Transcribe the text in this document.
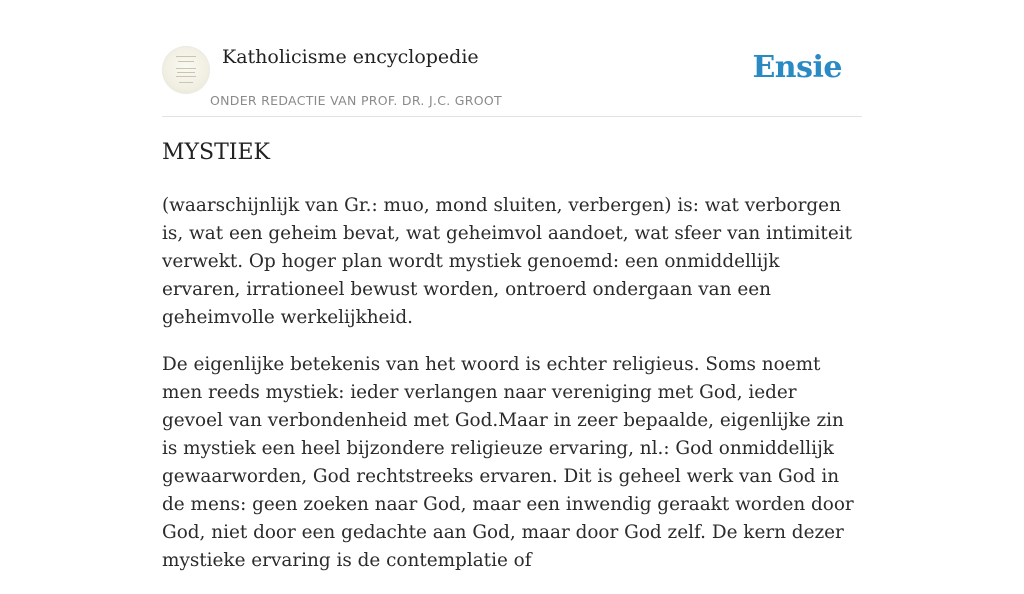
Katholicisme encyclopedie
ONDER REDACTIE VAN PROF. DR. J.C. GROOT
Ensie
MYSTIEK

(waarschijnlijk van Gr.: muo, mond sluiten, verbergen) is: wat verborgen is, wat een geheim bevat, wat geheimvol aandoet, wat sfeer van intimiteit verwekt. Op hoger plan wordt mystiek genoemd: een onmiddellijk ervaren, irrationeel bewust worden, ontroerd ondergaan van een geheimvolle werkelijkheid.

De eigenlijke betekenis van het woord is echter religieus. Soms noemt men reeds mystiek: ieder verlangen naar vereniging met God, ieder gevoel van verbondenheid met God.Maar in zeer bepaalde, eigenlijke zin is mystiek een heel bijzondere religieuze ervaring, nl.: God onmiddellijk gewaarworden, God rechtstreeks ervaren. Dit is geheel werk van God in de mens: geen zoeken naar God, maar een inwendig geraakt worden door God, niet door een gedachte aan God, maar door God zelf. De kern dezer mystieke ervaring is de contemplatie of
